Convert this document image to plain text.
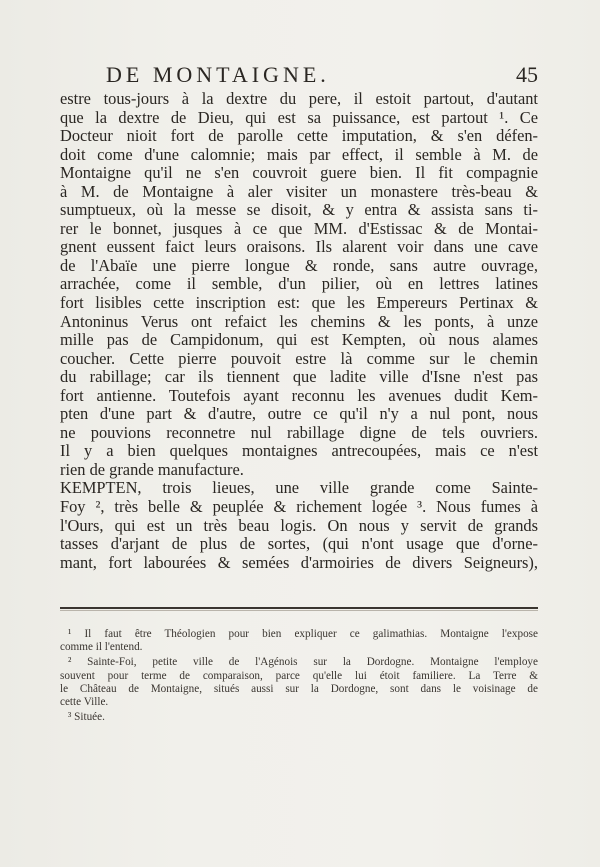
DE MONTAIGNE.	45
estre tous-jours à la dextre du pere, il estoit partout, d'autant
que la dextre de Dieu, qui est sa puissance, est partout ¹. Ce
Docteur nioit fort de parolle cette imputation, & s'en défen-
doit come d'une calomnie; mais par effect, il semble à M. de
Montaigne qu'il ne s'en couvroit guere bien. Il fit compagnie
à M. de Montaigne à aler visiter un monastere très-beau &
sumptueux, où la messe se disoit, & y entra & assista sans ti-
rer le bonnet, jusques à ce que MM. d'Estissac & de Montai-
gnent eussent faict leurs oraisons. Ils alarent voir dans une cave
de l'Abaïe une pierre longue & ronde, sans autre ouvrage,
arrachée, come il semble, d'un pilier, où en lettres latines
fort lisibles cette inscription est: que les Empereurs Pertinax &
Antoninus Verus ont refaict les chemins & les ponts, à unze
mille pas de Campidonum, qui est Kempten, où nous alames
coucher. Cette pierre pouvoit estre là comme sur le chemin
du rabillage; car ils tiennent que ladite ville d'Isne n'est pas
fort antienne. Toutefois ayant reconnu les avenues dudit Kem-
pten d'une part & d'autre, outre ce qu'il n'y a nul pont, nous
ne pouvions reconnetre nul rabillage digne de tels ouvriers.
Il y a bien quelques montaignes antrecoupées, mais ce n'est
rien de grande manufacture.
KEMPTEN, trois lieues, une ville grande come Sainte-
Foy ², très belle & peuplée & richement logée ³. Nous fumes à
l'Ours, qui est un très beau logis. On nous y servit de grands
tasses d'arjant de plus de sortes, (qui n'ont usage que d'orne-
mant, fort labourées & semées d'armoiries de divers Seigneurs),
¹ Il faut être Théologien pour bien expliquer ce galimathias. Montaigne l'expose
comme il l'entend.
² Sainte-Foi, petite ville de l'Agénois sur la Dordogne. Montaigne l'employe
souvent pour terme de comparaison, parce qu'elle lui étoit familiere. La Terre &
le Château de Montaigne, situés aussi sur la Dordogne, sont dans le voisinage de
cette Ville.
³ Située.
